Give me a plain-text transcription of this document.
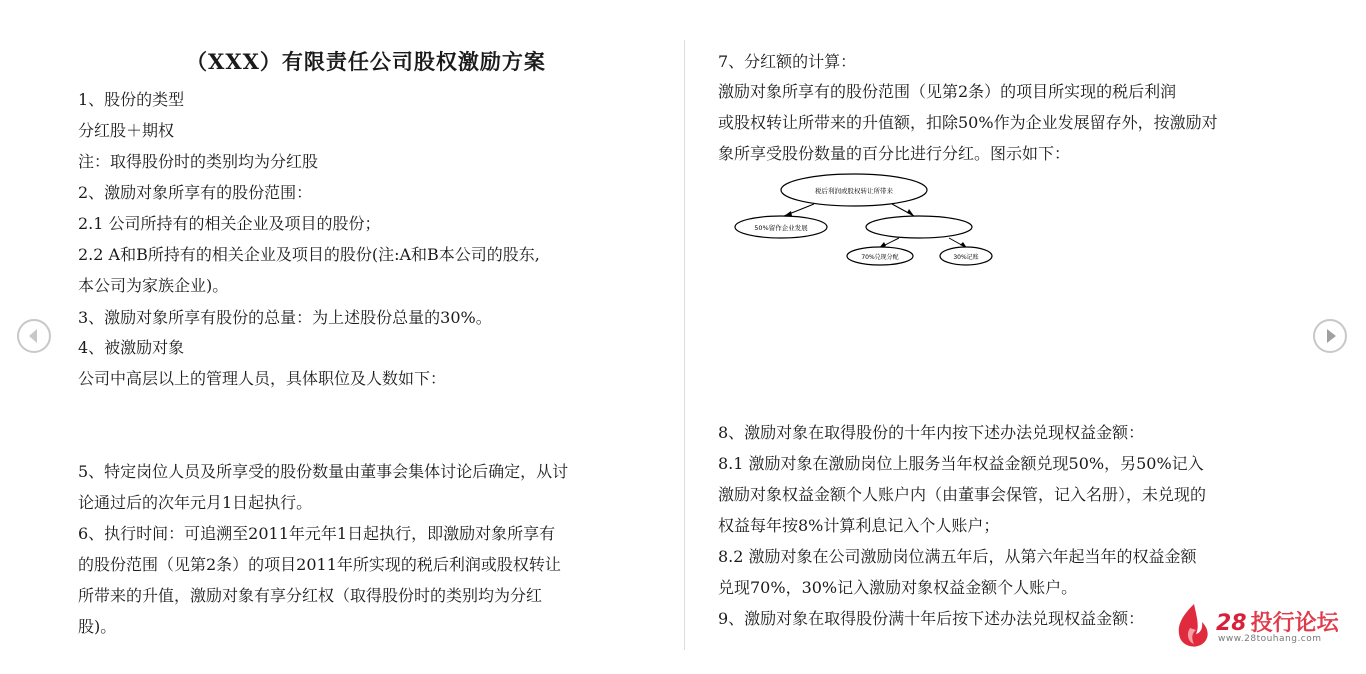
（XXX）有限责任公司股权激励方案
1、股份的类型
分红股＋期权
注：取得股份时的类别均为分红股
2、激励对象所享有的股份范围：
2.1 公司所持有的相关企业及项目的股份；
2.2 A和B所持有的相关企业及项目的股份(注:A和B本公司的股东,
本公司为家族企业)。
3、激励对象所享有股份的总量：为上述股份总量的30%。
4、被激励对象
公司中高层以上的管理人员，具体职位及人数如下：
5、特定岗位人员及所享受的股份数量由董事会集体讨论后确定，从讨
论通过后的次年元月1日起执行。
6、执行时间：可追溯至2011年元年1日起执行，即激励对象所享有
的股份范围（见第2条）的项目2011年所实现的税后利润或股权转让
所带来的升值，激励对象有享分红权（取得股份时的类别均为分红
股)。
7、分红额的计算：
激励对象所享有的股份范围（见第2条）的项目所实现的税后利润
或股权转让所带来的升值额，扣除50%作为企业发展留存外，按激励对
象所享受股份数量的百分比进行分红。图示如下：
8、激励对象在取得股份的十年内按下述办法兑现权益金额：
8.1 激励对象在激励岗位上服务当年权益金额兑现50%，另50%记入
激励对象权益金额个人账户内（由董事会保管，记入名册），未兑现的
权益每年按8%计算利息记入个人账户；
8.2 激励对象在公司激励岗位满五年后，从第六年起当年的权益金额
兑现70%，30%记入激励对象权益金额个人账户。
9、激励对象在取得股份满十年后按下述办法兑现权益金额：
税后利润或股权转让所带来
50%留作企业发展
70%兑现分配	30%记账
28 投行论坛
www.28touhang.com
